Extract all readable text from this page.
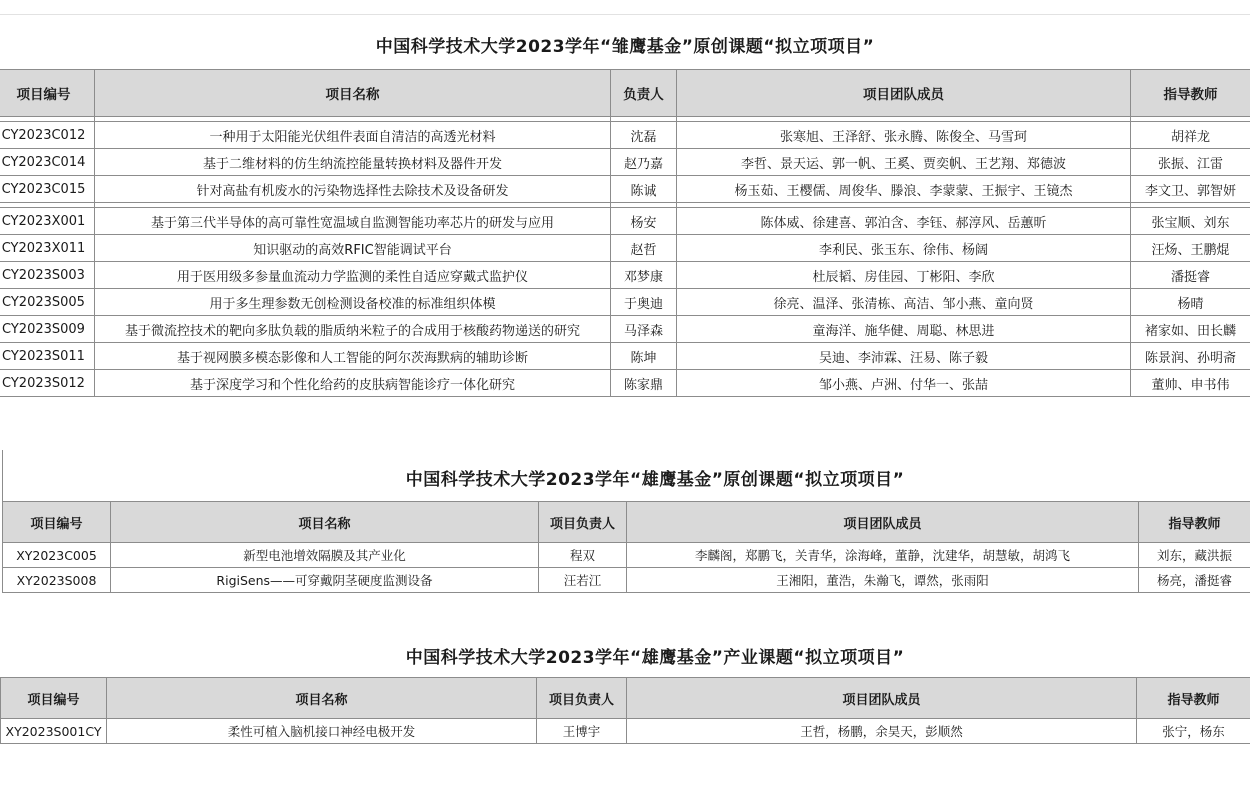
中国科学技术大学2023学年“雏鹰基金”原创课题“拟立项项目”
项目编号	项目名称	负责人	项目团队成员	指导教师

CY2023C012	一种用于太阳能光伏组件表面自清洁的高透光材料	沈磊	张寒旭、王泽舒、张永腾、陈俊全、马雪珂	胡祥龙
CY2023C014	基于二维材料的仿生纳流控能量转换材料及器件开发	赵乃嘉	李哲、景天运、郭一帆、王奚、贾奕帆、王艺翔、郑德波	张振、江雷
CY2023C015	针对高盐有机废水的污染物选择性去除技术及设备研发	陈诚	杨玉茹、王樱儒、周俊华、滕浪、李蒙蒙、王振宇、王镜杰	李文卫、郭智妍

CY2023X001	基于第三代半导体的高可靠性宽温域自监测智能功率芯片的研发与应用	杨安	陈体威、徐建喜、郭泊含、李钰、郝淳风、岳蕙昕	张宝顺、刘东
CY2023X011	知识驱动的高效RFIC智能调试平台	赵哲	李利民、张玉东、徐伟、杨阔	汪炀、王鹏焜
CY2023S003	用于医用级多参量血流动力学监测的柔性自适应穿戴式监护仪	邓梦康	杜辰韬、房佳园、丁彬阳、李欣	潘挺睿
CY2023S005	用于多生理参数无创检测设备校准的标准组织体模	于奥迪	徐亮、温泽、张清栋、高洁、邹小燕、童向贤	杨晴
CY2023S009	基于微流控技术的靶向多肽负载的脂质纳米粒子的合成用于核酸药物递送的研究	马泽森	童海洋、施华健、周聪、林思进	褚家如、田长麟
CY2023S011	基于视网膜多模态影像和人工智能的阿尔茨海默病的辅助诊断	陈坤	吴迪、李沛霖、汪易、陈子毅	陈景润、孙明斋
CY2023S012	基于深度学习和个性化给药的皮肤病智能诊疗一体化研究	陈家鼎	邹小燕、卢洲、付华一、张喆	董帅、申书伟
中国科学技术大学2023学年“雄鹰基金”原创课题“拟立项项目”
项目编号	项目名称	项目负责人	项目团队成员	指导教师
XY2023C005	新型电池增效隔膜及其产业化	程双	李麟阁，郑鹏飞，关青华，涂海峰，董静，沈建华，胡慧敏，胡鸿飞	刘东，藏洪振
XY2023S008	RigiSens——可穿戴阴茎硬度监测设备	汪若江	王湘阳，董浩，朱瀚飞，谭然，张雨阳	杨亮，潘挺睿
中国科学技术大学2023学年“雄鹰基金”产业课题“拟立项项目”
项目编号	项目名称	项目负责人	项目团队成员	指导教师
XY2023S001CY	柔性可植入脑机接口神经电极开发	王博宇	王哲，杨鹏，余昊天，彭顺然	张宁，杨东
